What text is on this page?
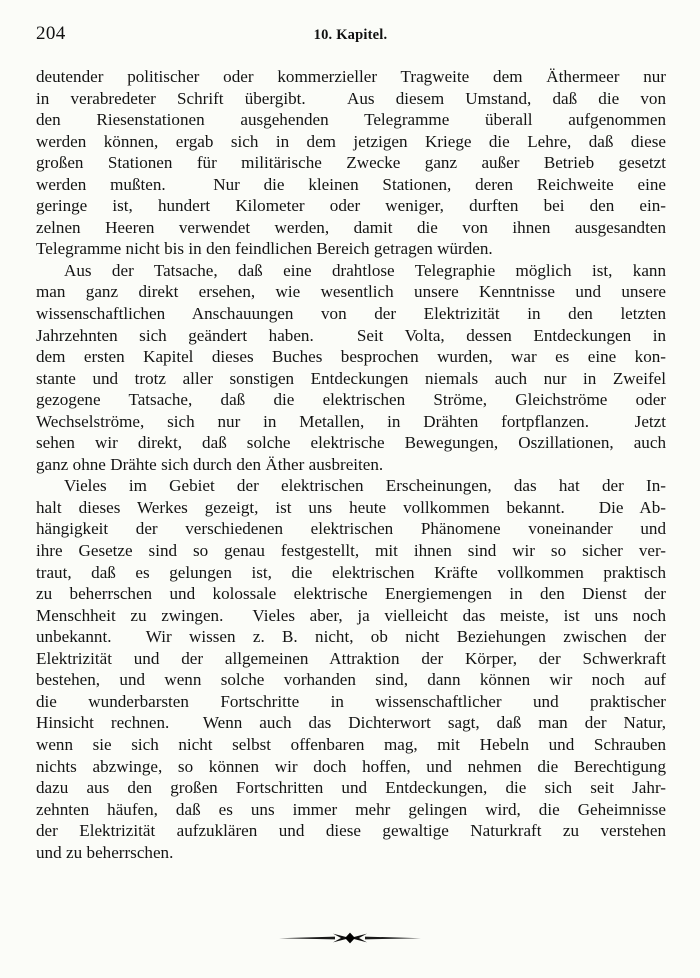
204	10. Kapitel.

deutender politischer oder kommerzieller Tragweite dem Äthermeer nur
in verabredeter Schrift übergibt.  Aus diesem Umstand, daß die von
den Riesenstationen ausgehenden Telegramme überall aufgenommen
werden können, ergab sich in dem jetzigen Kriege die Lehre, daß diese
großen Stationen für militärische Zwecke ganz außer Betrieb gesetzt
werden mußten.  Nur die kleinen Stationen, deren Reichweite eine
geringe ist, hundert Kilometer oder weniger, durften bei den ein-
zelnen Heeren verwendet werden, damit die von ihnen ausgesandten
Telegramme nicht bis in den feindlichen Bereich getragen würden.

Aus der Tatsache, daß eine drahtlose Telegraphie möglich ist, kann
man ganz direkt ersehen, wie wesentlich unsere Kenntnisse und unsere
wissenschaftlichen Anschauungen von der Elektrizität in den letzten
Jahrzehnten sich geändert haben.  Seit Volta, dessen Entdeckungen in
dem ersten Kapitel dieses Buches besprochen wurden, war es eine kon-
stante und trotz aller sonstigen Entdeckungen niemals auch nur in Zweifel
gezogene Tatsache, daß die elektrischen Ströme, Gleichströme oder
Wechselströme, sich nur in Metallen, in Drähten fortpflanzen.  Jetzt
sehen wir direkt, daß solche elektrische Bewegungen, Oszillationen, auch
ganz ohne Drähte sich durch den Äther ausbreiten.

Vieles im Gebiet der elektrischen Erscheinungen, das hat der In-
halt dieses Werkes gezeigt, ist uns heute vollkommen bekannt.  Die Ab-
hängigkeit der verschiedenen elektrischen Phänomene voneinander und
ihre Gesetze sind so genau festgestellt, mit ihnen sind wir so sicher ver-
traut, daß es gelungen ist, die elektrischen Kräfte vollkommen praktisch
zu beherrschen und kolossale elektrische Energiemengen in den Dienst der
Menschheit zu zwingen.  Vieles aber, ja vielleicht das meiste, ist uns noch
unbekannt.  Wir wissen z. B. nicht, ob nicht Beziehungen zwischen der
Elektrizität und der allgemeinen Attraktion der Körper, der Schwerkraft
bestehen, und wenn solche vorhanden sind, dann können wir noch auf
die wunderbarsten Fortschritte in wissenschaftlicher und praktischer
Hinsicht rechnen.  Wenn auch das Dichterwort sagt, daß man der Natur,
wenn sie sich nicht selbst offenbaren mag, mit Hebeln und Schrauben
nichts abzwinge, so können wir doch hoffen, und nehmen die Berechtigung
dazu aus den großen Fortschritten und Entdeckungen, die sich seit Jahr-
zehnten häufen, daß es uns immer mehr gelingen wird, die Geheimnisse
der Elektrizität aufzuklären und diese gewaltige Naturkraft zu verstehen
und zu beherrschen.
